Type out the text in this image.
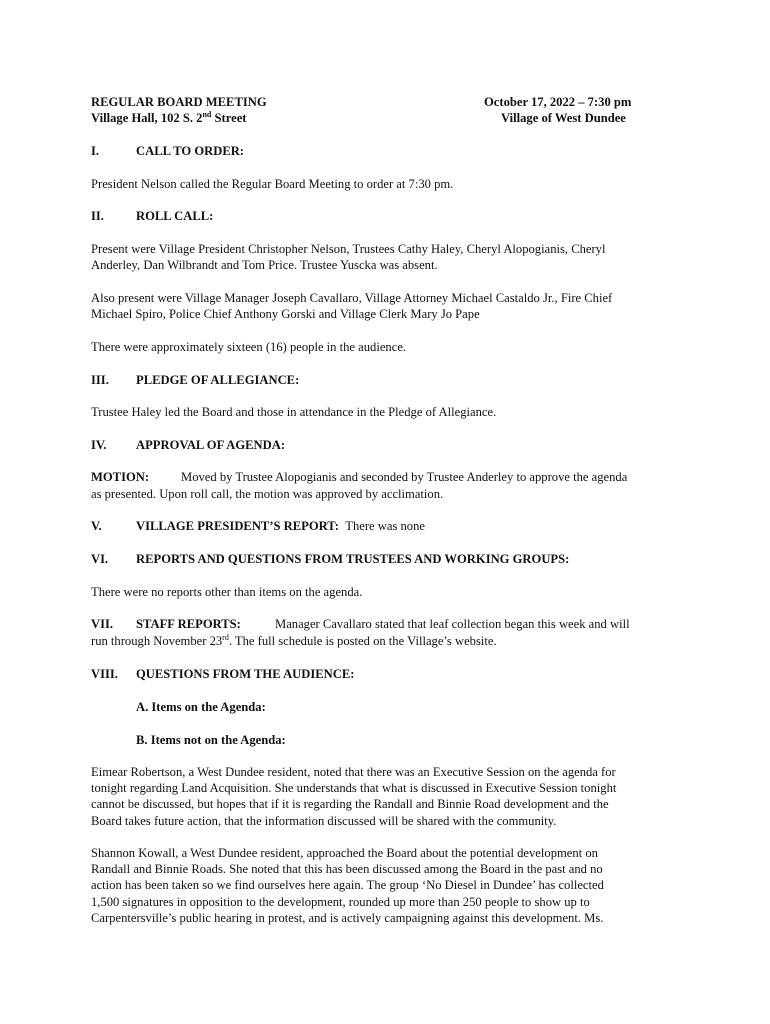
REGULAR BOARD MEETING
Village Hall, 102 S. 2nd Street
October 17, 2022 – 7:30 pm
Village of West Dundee
I.	CALL TO ORDER:
President Nelson called the Regular Board Meeting to order at 7:30 pm.
II.	ROLL CALL:
Present were Village President Christopher Nelson, Trustees Cathy Haley, Cheryl Alopogianis, Cheryl
Anderley, Dan Wilbrandt and Tom Price. Trustee Yuscka was absent.
Also present were Village Manager Joseph Cavallaro, Village Attorney Michael Castaldo Jr., Fire Chief
Michael Spiro, Police Chief Anthony Gorski and Village Clerk Mary Jo Pape
There were approximately sixteen (16) people in the audience.
III. PLEDGE OF ALLEGIANCE:
Trustee Haley led the Board and those in attendance in the Pledge of Allegiance.
IV. APPROVAL OF AGENDA:
MOTION:	Moved by Trustee Alopogianis and seconded by Trustee Anderley to approve the agenda
as presented. Upon roll call, the motion was approved by acclimation.
V.	VILLAGE PRESIDENT’S REPORT: There was none
VI. REPORTS AND QUESTIONS FROM TRUSTEES AND WORKING GROUPS:
There were no reports other than items on the agenda.
VII. STAFF REPORTS:	Manager Cavallaro stated that leaf collection began this week and will
run through November 23rd. The full schedule is posted on the Village’s website.
VIII. QUESTIONS FROM THE AUDIENCE:
A. Items on the Agenda:
B. Items not on the Agenda:
Eimear Robertson, a West Dundee resident, noted that there was an Executive Session on the agenda for
tonight regarding Land Acquisition. She understands that what is discussed in Executive Session tonight
cannot be discussed, but hopes that if it is regarding the Randall and Binnie Road development and the
Board takes future action, that the information discussed will be shared with the community.
Shannon Kowall, a West Dundee resident, approached the Board about the potential development on
Randall and Binnie Roads. She noted that this has been discussed among the Board in the past and no
action has been taken so we find ourselves here again. The group ‘No Diesel in Dundee’ has collected
1,500 signatures in opposition to the development, rounded up more than 250 people to show up to
Carpentersville’s public hearing in protest, and is actively campaigning against this development. Ms.
